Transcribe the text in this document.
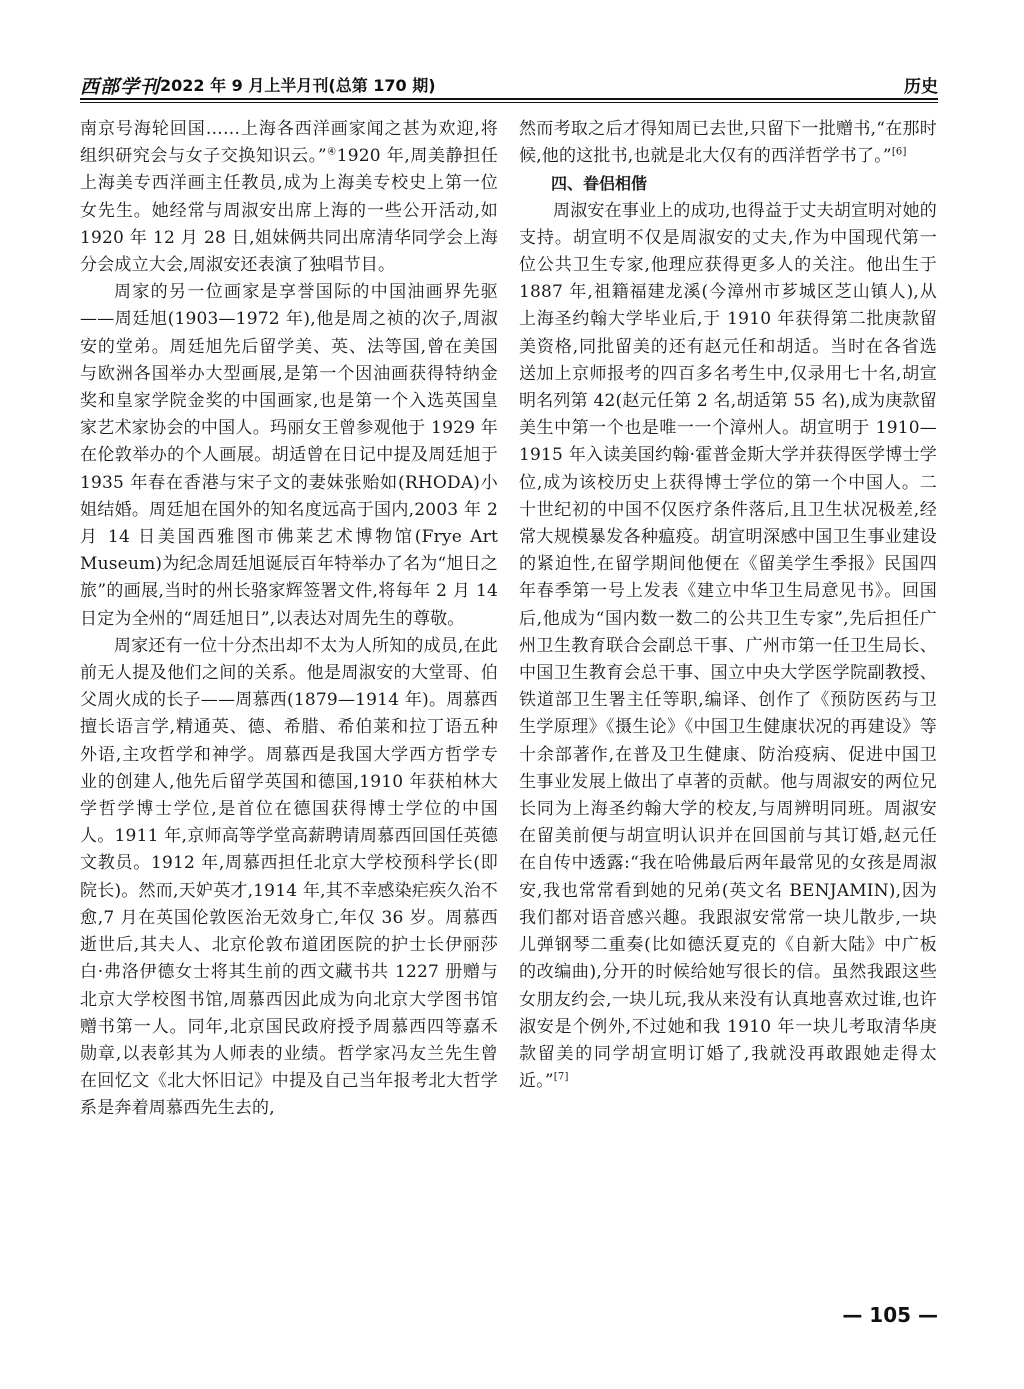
西部学刊 2022 年 9 月上半月刊(总第 170 期)	历史

南京号海轮回国……上海各西洋画家闻之甚为欢迎,将组织研究会与女子交换知识云。”④1920 年,周美静担任上海美专西洋画主任教员,成为上海美专校史上第一位女先生。她经常与周淑安出席上海的一些公开活动,如 1920 年 12 月 28 日,姐妹俩共同出席清华同学会上海分会成立大会,周淑安还表演了独唱节目。

周家的另一位画家是享誉国际的中国油画界先驱——周廷旭(1903—1972 年),他是周之祯的次子,周淑安的堂弟。周廷旭先后留学美、英、法等国,曾在美国与欧洲各国举办大型画展,是第一个因油画获得特纳金奖和皇家学院金奖的中国画家,也是第一个入选英国皇家艺术家协会的中国人。玛丽女王曾参观他于 1929 年在伦敦举办的个人画展。胡适曾在日记中提及周廷旭于 1935 年春在香港与宋子文的妻妹张贻如(RHODA)小姐结婚。周廷旭在国外的知名度远高于国内,2003 年 2 月 14 日美国西雅图市佛莱艺术博物馆(Frye Art Museum)为纪念周廷旭诞辰百年特举办了名为“旭日之旅”的画展,当时的州长骆家辉签署文件,将每年 2 月 14 日定为全州的“周廷旭日”,以表达对周先生的尊敬。

周家还有一位十分杰出却不太为人所知的成员,在此前无人提及他们之间的关系。他是周淑安的大堂哥、伯父周火成的长子——周慕西(1879—1914 年)。周慕西擅长语言学,精通英、德、希腊、希伯莱和拉丁语五种外语,主攻哲学和神学。周慕西是我国大学西方哲学专业的创建人,他先后留学英国和德国,1910 年获柏林大学哲学博士学位,是首位在德国获得博士学位的中国人。1911 年,京师高等学堂高薪聘请周慕西回国任英德文教员。1912 年,周慕西担任北京大学校预科学长(即院长)。然而,天妒英才,1914 年,其不幸感染疟疾久治不愈,7 月在英国伦敦医治无效身亡,年仅 36 岁。周慕西逝世后,其夫人、北京伦敦布道团医院的护士长伊丽莎白·弗洛伊德女士将其生前的西文藏书共 1227 册赠与北京大学校图书馆,周慕西因此成为向北京大学图书馆赠书第一人。同年,北京国民政府授予周慕西四等嘉禾勋章,以表彰其为人师表的业绩。哲学家冯友兰先生曾在回忆文《北大怀旧记》中提及自己当年报考北大哲学系是奔着周慕西先生去的,

然而考取之后才得知周已去世,只留下一批赠书,“在那时候,他的这批书,也就是北大仅有的西洋哲学书了。”[6]

四、眷侣相偕

周淑安在事业上的成功,也得益于丈夫胡宣明对她的支持。胡宣明不仅是周淑安的丈夫,作为中国现代第一位公共卫生专家,他理应获得更多人的关注。他出生于 1887 年,祖籍福建龙溪(今漳州市芗城区芝山镇人),从上海圣约翰大学毕业后,于 1910 年获得第二批庚款留美资格,同批留美的还有赵元任和胡适。当时在各省选送加上京师报考的四百多名考生中,仅录用七十名,胡宣明名列第 42(赵元任第 2 名,胡适第 55 名),成为庚款留美生中第一个也是唯一一个漳州人。胡宣明于 1910—1915 年入读美国约翰·霍普金斯大学并获得医学博士学位,成为该校历史上获得博士学位的第一个中国人。二十世纪初的中国不仅医疗条件落后,且卫生状况极差,经常大规模暴发各种瘟疫。胡宣明深感中国卫生事业建设的紧迫性,在留学期间他便在《留美学生季报》民国四年春季第一号上发表《建立中华卫生局意见书》。回国后,他成为“国内数一数二的公共卫生专家”,先后担任广州卫生教育联合会副总干事、广州市第一任卫生局长、中国卫生教育会总干事、国立中央大学医学院副教授、铁道部卫生署主任等职,编译、创作了《预防医药与卫生学原理》《摄生论》《中国卫生健康状况的再建设》等十余部著作,在普及卫生健康、防治疫病、促进中国卫生事业发展上做出了卓著的贡献。他与周淑安的两位兄长同为上海圣约翰大学的校友,与周辨明同班。周淑安在留美前便与胡宣明认识并在回国前与其订婚,赵元任在自传中透露:“我在哈佛最后两年最常见的女孩是周淑安,我也常常看到她的兄弟(英文名 BENJAMIN),因为我们都对语音感兴趣。我跟淑安常常一块儿散步,一块儿弹钢琴二重奏(比如德沃夏克的《自新大陆》中广板的改编曲),分开的时候给她写很长的信。虽然我跟这些女朋友约会,一块儿玩,我从来没有认真地喜欢过谁,也许淑安是个例外,不过她和我 1910 年一块儿考取清华庚款留美的同学胡宣明订婚了,我就没再敢跟她走得太近。”[7]

— 105 —
